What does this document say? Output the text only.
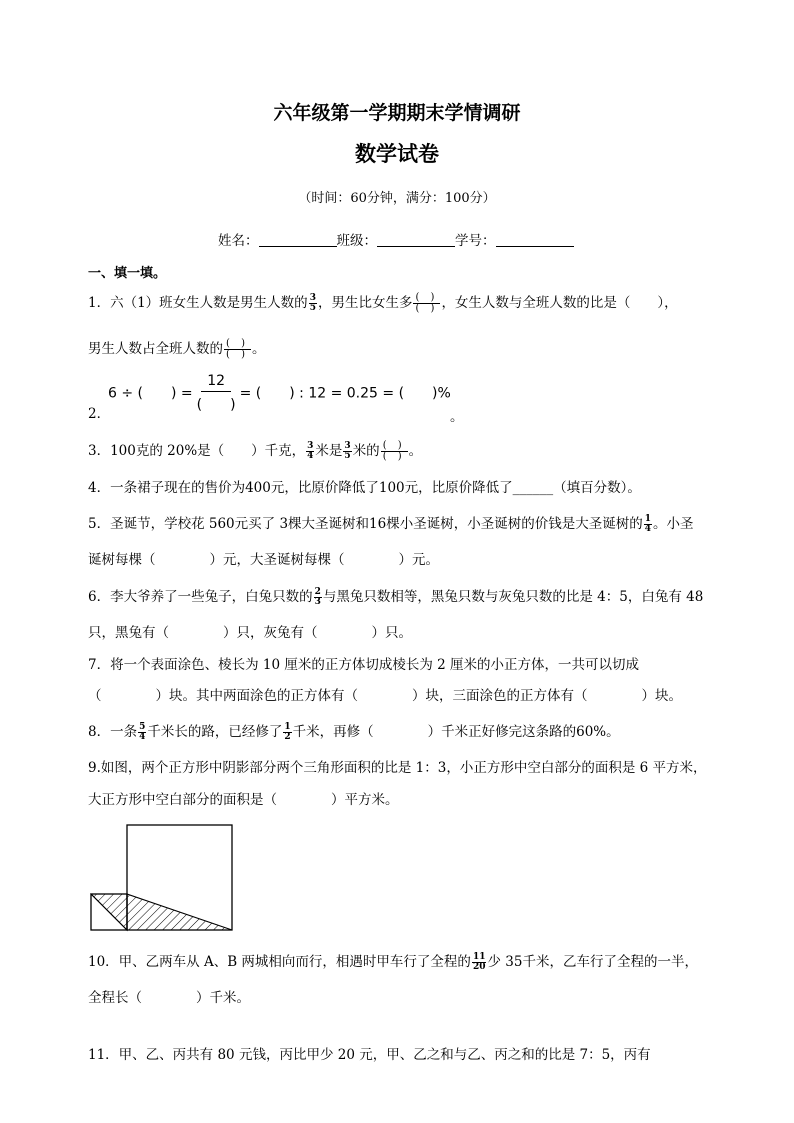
六年级第一学期期末学情调研
数学试卷
（时间：60分钟，满分：100分）
姓名：	班级：	学号：
一、填一填。
1．六（1）班女生人数是男生人数的 $\frac{3}{5}$ ，男生比女生多 $\frac{( )}{( )}$ ，女生人数与全班人数的比是（　　），
男生人数占全班人数的 $\frac{( )}{( )}$ 。
2．
6 ÷ (　　) =
12
(　　)
= (　　) : 12 = 0.25 = (　　)%
。
3．100克的 20%是（　　）千克， $\frac{3}{4}$ 米是 $\frac{3}{5}$ 米的 $\frac{( )}{( )}$ 。
4．一条裙子现在的售价为400元，比原价降低了100元，比原价降低了______（填百分数）。
5．圣诞节，学校花 560元买了 3棵大圣诞树和16棵小圣诞树，小圣诞树的价钱是大圣诞树的 $\frac{1}{4}$ 。小圣
诞树每棵（　　　　）元，大圣诞树每棵（　　　　）元。
6．李大爷养了一些兔子，白兔只数的 $\frac{2}{3}$ 与黑兔只数相等，黑兔只数与灰兔只数的比是 4：5，白兔有 48
只，黑兔有（　　　　）只，灰兔有（　　　　）只。
7．将一个表面涂色、棱长为 10 厘米的正方体切成棱长为 2 厘米的小正方体，一共可以切成
（　　　　）块。其中两面涂色的正方体有（　　　　）块，三面涂色的正方体有（　　　　）块。
8．一条 $\frac{5}{4}$ 千米长的路，已经修了 $\frac{1}{2}$ 千米，再修（　　　　）千米正好修完这条路的60%。
9.如图，两个正方形中阴影部分两个三角形面积的比是 1：3，小正方形中空白部分的面积是 6 平方米，
大正方形中空白部分的面积是（　　　　）平方米。
10．甲、乙两车从 A、B 两城相向而行，相遇时甲车行了全程的 $\frac{11}{20}$ 少 35千米，乙车行了全程的一半，
全程长（　　　　）千米。
11．甲、乙、丙共有 80 元钱，丙比甲少 20 元，甲、乙之和与乙、丙之和的比是 7：5，丙有
